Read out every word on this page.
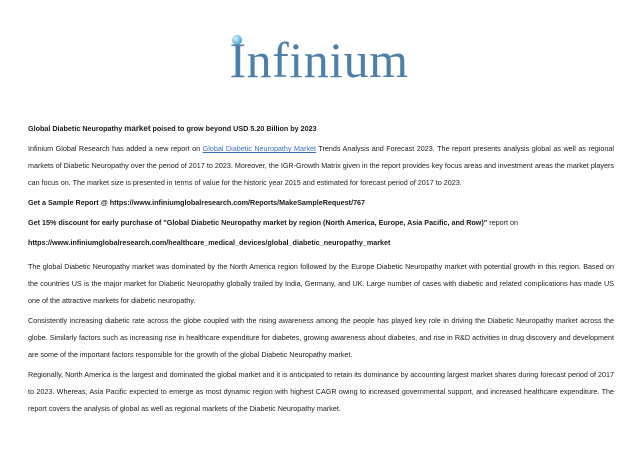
Infinium

Global Diabetic Neuropathy market poised to grow beyond USD 5.20 Billion by 2023

Infinium Global Research has added a new report on Global Diabetic Neuropathy Market Trends Analysis and Forecast 2023. The report presents analysis global as well as regional markets of Diabetic Neuropathy over the period of 2017 to 2023. Moreover, the IGR-Growth Matrix given in the report provides key focus areas and investment areas the market players can focus on. The market size is presented in terms of value for the historic year 2015 and estimated for forecast period of 2017 to 2023.

Get a Sample Report @ https://www.infiniumglobalresearch.com/Reports/MakeSampleRequest/767

Get 15% discount for early purchase of "Global Diabetic Neuropathy market by region (North America, Europe, Asia Pacific, and Row)" report on

https://www.infiniumglobalresearch.com/healthcare_medical_devices/global_diabetic_neuropathy_market

The global Diabetic Neuropathy market was dominated by the North America region followed by the Europe Diabetic Neuropathy market with potential growth in this region. Based on the countries US is the major market for Diabetic Neuropathy globally trailed by India, Germany, and UK. Large number of cases with diabetic and related complications has made US one of the attractive markets for diabetic neuropathy.

Consistently increasing diabetic rate across the globe coupled with the rising awareness among the people has played key role in driving the Diabetic Neuropathy market across the globe. Similarly factors such as increasing rise in healthcare expenditure for diabetes, growing awareness about diabetes, and rise in R&D activities in drug discovery and development are some of the important factors responsible for the growth of the global Diabetic Neuropathy market.

Regionally, North America is the largest and dominated the global market and it is anticipated to retain its dominance by accounting largest market shares during forecast period of 2017 to 2023. Whereas, Asia Pacific expected to emerge as most dynamic region with highest CAGR owing to increased governmental support, and increased healthcare expenditure. The report covers the analysis of global as well as regional markets of the Diabetic Neuropathy market.
